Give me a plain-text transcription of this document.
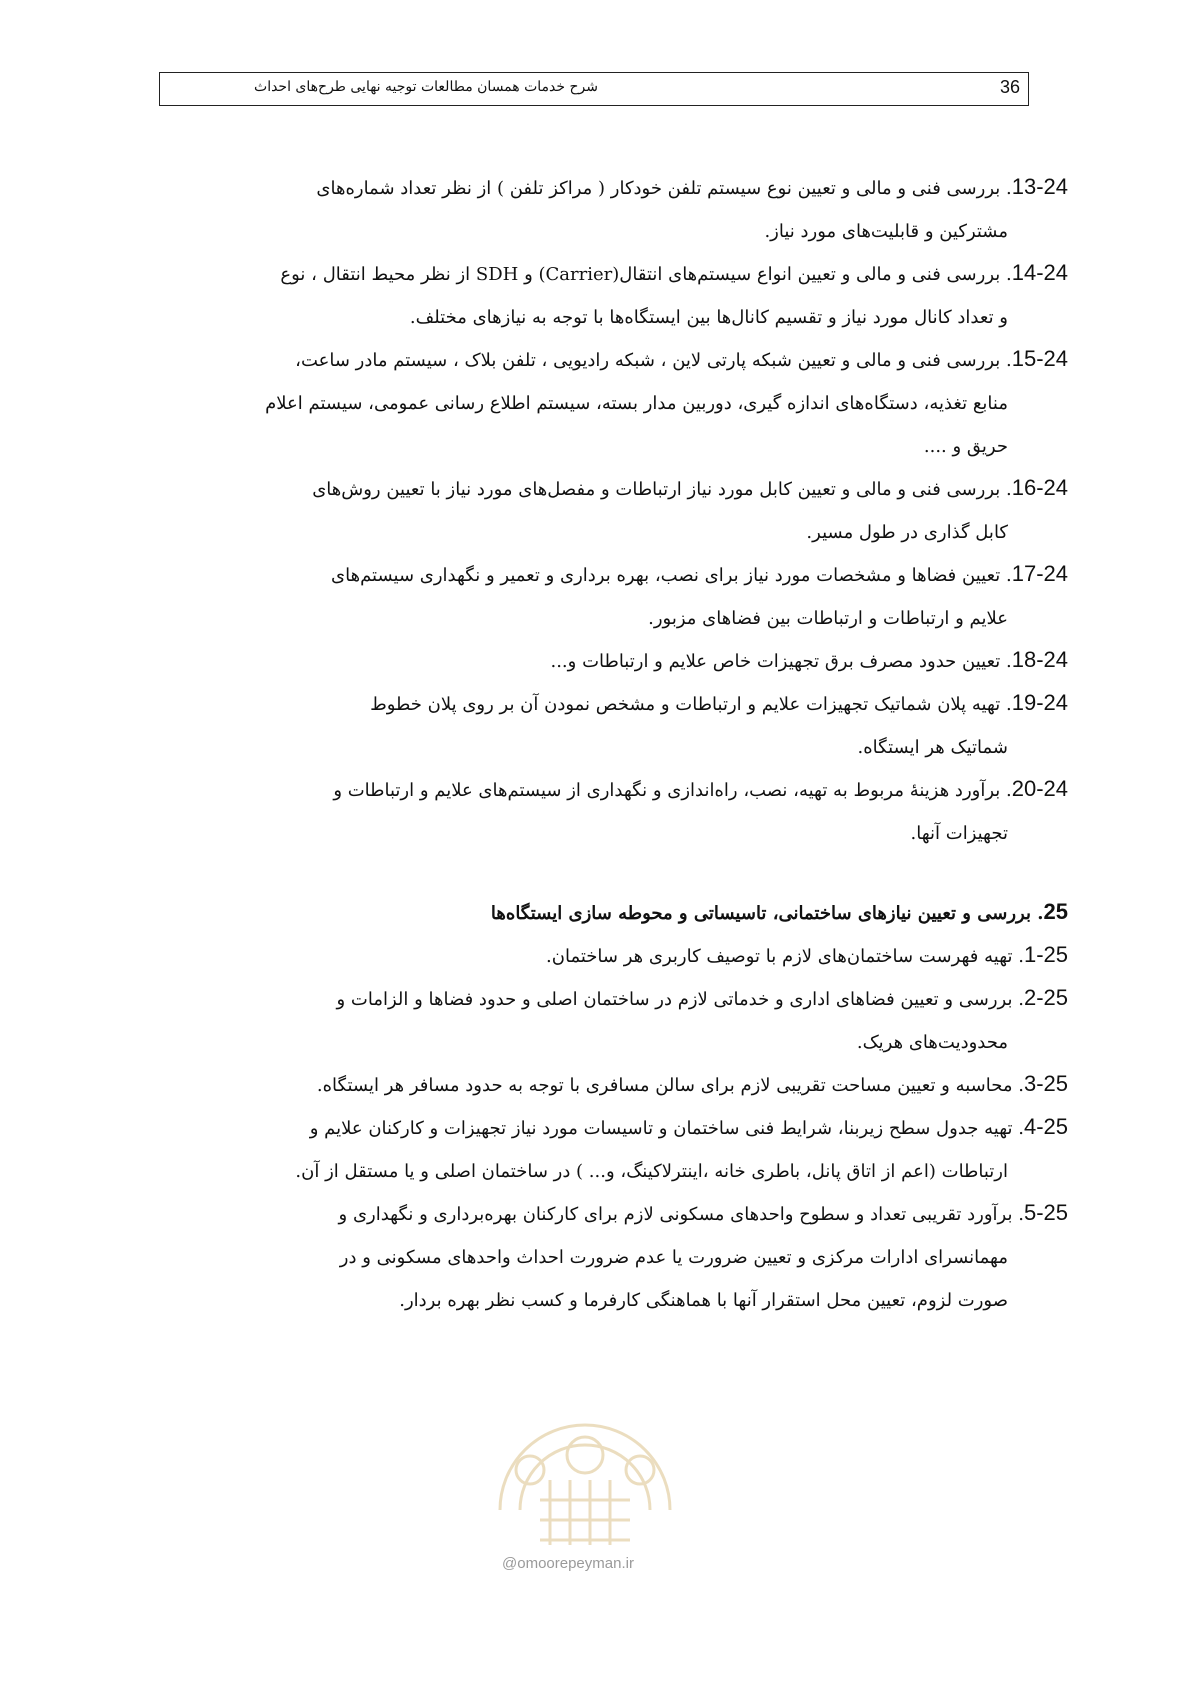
36
شرح خدمات همسان مطالعات توجیه نهایی طرح‌های احداث
13-24. بررسی فنی و مالی و تعیین نوع سیستم تلفن خودکار ( مراکز تلفن ) از نظر تعداد شماره‌های
مشترکین و قابلیت‌های مورد نیاز.
14-24. بررسی فنی و مالی و تعیین انواع سیستم‌های انتقال(Carrier) و SDH از نظر محیط انتقال ، نوع
و تعداد کانال مورد نیاز و تقسیم کانال‌ها بین ایستگاه‌ها با توجه به نیازهای مختلف.
15-24. بررسی فنی و مالی و تعیین شبکه پارتی لاین ، شبکه رادیویی ، تلفن بلاک ، سیستم مادر ساعت،
منابع تغذیه، دستگاه‌های اندازه گیری، دوربین مدار بسته، سیستم اطلاع رسانی عمومی، سیستم اعلام
حریق و ....
16-24. بررسی فنی و مالی و تعیین کابل مورد نیاز ارتباطات و مفصل‌های مورد نیاز با تعیین روش‌های
کابل گذاری در طول مسیر.
17-24. تعیین فضاها و مشخصات مورد نیاز برای نصب، بهره برداری و تعمیر و نگهداری سیستم‌های
علایم و ارتباطات و ارتباطات بین فضاهای مزبور.
18-24. تعیین حدود مصرف برق تجهیزات خاص علایم و ارتباطات و...
19-24. تهیه پلان شماتیک تجهیزات علایم و ارتباطات و مشخص نمودن آن بر روی پلان خطوط
شماتیک هر ایستگاه.
20-24. برآورد هزینهٔ مربوط به تهیه، نصب، راه‌اندازی و نگهداری از سیستم‌های علایم و ارتباطات و
تجهیزات آنها.
25. بررسی و تعیین نیازهای ساختمانی، تاسیساتی و محوطه سازی ایستگاه‌ها
1-25. تهیه فهرست ساختمان‌های لازم با توصیف کاربری هر ساختمان.
2-25. بررسی و تعیین فضاهای اداری و خدماتی لازم در ساختمان اصلی و حدود فضاها و الزامات و
محدودیت‌های هریک.
3-25. محاسبه و تعیین مساحت تقریبی لازم برای سالن مسافری با توجه به حدود مسافر هر ایستگاه.
4-25. تهیه جدول سطح زیربنا، شرایط فنی ساختمان و تاسیسات مورد نیاز تجهیزات و کارکنان علایم و
ارتباطات (اعم از اتاق پانل، باطری خانه ،اینترلاکینگ، و... ) در ساختمان اصلی و یا مستقل از آن.
5-25. برآورد تقریبی تعداد و سطوح واحدهای مسکونی لازم برای کارکنان بهره‌برداری و نگهداری و
مهمانسرای ادارات مرکزی و تعیین ضرورت یا عدم ضرورت احداث واحدهای مسکونی و در
صورت لزوم، تعیین محل استقرار آنها با هماهنگی کارفرما و کسب نظر بهره بردار.
@omoorepeyman.ir
